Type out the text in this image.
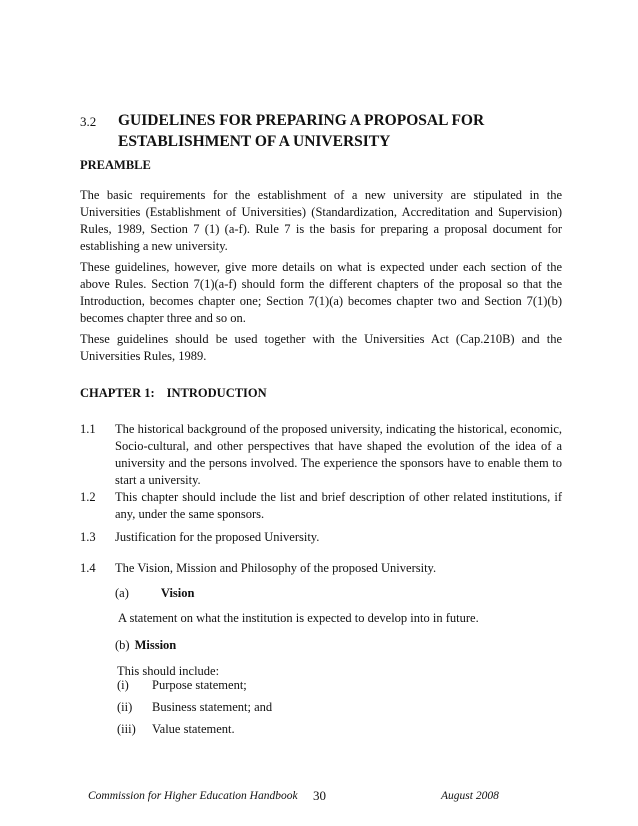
3.2 GUIDELINES FOR PREPARING A PROPOSAL FOR
ESTABLISHMENT OF A UNIVERSITY
PREAMBLE
The basic requirements for the establishment of a new university are stipulated in the Universities (Establishment of Universities) (Standardization, Accreditation and Supervision) Rules, 1989, Section 7 (1) (a-f). Rule 7 is the basis for preparing a proposal document for establishing a new university.
These guidelines, however, give more details on what is expected under each section of the above Rules. Section 7(1)(a-f) should form the different chapters of the proposal so that the Introduction, becomes chapter one; Section 7(1)(a) becomes chapter two and Section 7(1)(b) becomes chapter three and so on.
These guidelines should be used together with the Universities Act (Cap.210B) and the Universities Rules, 1989.
CHAPTER 1: INTRODUCTION
1.1 The historical background of the proposed university, indicating the historical, economic, Socio-cultural, and other perspectives that have shaped the evolution of the idea of a university and the persons involved. The experience the sponsors have to enable them to start a university.
1.2 This chapter should include the list and brief description of other related institutions, if any, under the same sponsors.
1.3 Justification for the proposed University.
1.4 The Vision, Mission and Philosophy of the proposed University.
(a)	Vision
A statement on what the institution is expected to develop into in future.
(b) Mission
This should include:
(i) Purpose statement;
(ii) Business statement; and
(iii) Value statement.
Commission for Higher Education Handbook 30	August 2008
